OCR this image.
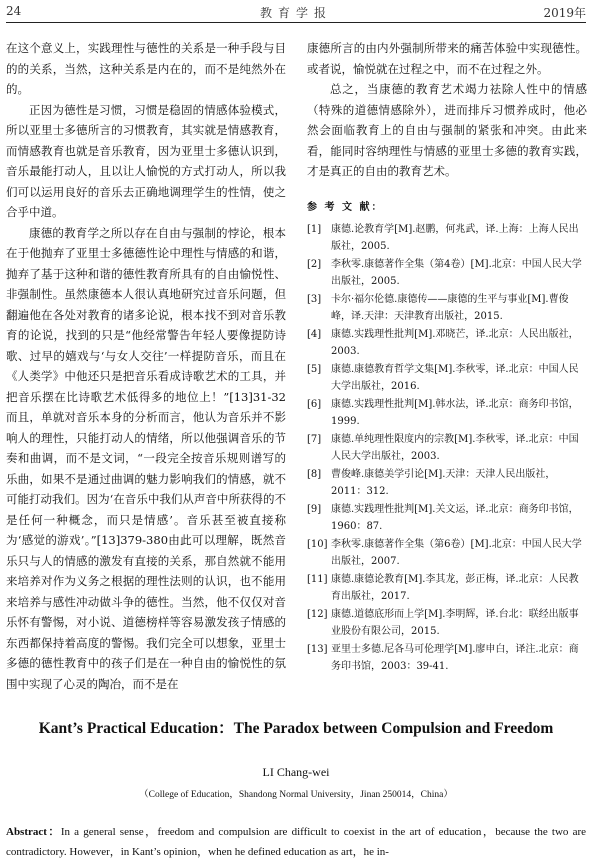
24	教育学报	2019年

在这个意义上，实践理性与德性的关系是一种手段与目的的关系，当然，这种关系是内在的，而不是纯然外在的。

正因为德性是习惯，习惯是稳固的情感体验模式，所以亚里士多德所言的习惯教育，其实就是情感教育，而情感教育也就是音乐教育，因为亚里士多德认识到，音乐最能打动人，且以让人愉悦的方式打动人，所以我们可以运用良好的音乐去正确地调理学生的性情，使之合乎中道。

康德的教育学之所以存在自由与强制的悖论，根本在于他抛弃了亚里士多德德性论中理性与情感的和谐，抛弃了基于这种和谐的德性教育所具有的自由愉悦性、非强制性。虽然康德本人很认真地研究过音乐问题，但翻遍他在各处对教育的诸多论说，根本找不到对音乐教育的论说，找到的只是“他经常警告年轻人要像提防诗歌、过早的嬉戏与‘与女人交往’一样提防音乐，而且在《人类学》中他还只是把音乐看成诗歌艺术的工具，并把音乐摆在比诗歌艺术低得多的地位上！”[13]31-32而且，单就对音乐本身的分析而言，他认为音乐并不影响人的理性，只能打动人的情绪，所以他强调音乐的节奏和曲调，而不是文词，“一段完全按音乐规则谱写的乐曲，如果不是通过曲调的魅力影响我们的情感，就不可能打动我们。因为‘在音乐中我们从声音中所获得的不是任何一种概念，而只是情感’。音乐甚至被直接称为‘感觉的游戏’。”[13]379-380由此可以理解，既然音乐只与人的情感的激发有直接的关系，那自然就不能用来培养对作为义务之根据的理性法则的认识，也不能用来培养与感性冲动做斗争的德性。当然，他不仅仅对音乐怀有警惕，对小说、道德榜样等容易激发孩子情感的东西都保持着高度的警惕。我们完全可以想象，亚里士多德的德性教育中的孩子们是在一种自由的愉悦性的氛围中实现了心灵的陶冶，而不是在

康德所言的由内外强制所带来的痛苦体验中实现德性。或者说，愉悦就在过程之中，而不在过程之外。

总之，当康德的教育艺术竭力祛除人性中的情感（特殊的道德情感除外），进而排斥习惯养成时，他必然会面临教育上的自由与强制的紧张和冲突。由此来看，能同时容纳理性与情感的亚里士多德的教育实践，才是真正的自由的教育艺术。

参 考 文 献：
[1] 康德.论教育学[M].赵鹏，何兆武，译.上海：上海人民出版社，2005.
[2] 李秋零.康德著作全集（第4卷）[M].北京：中国人民大学出版社，2005.
[3] 卡尔·福尔伦德.康德传——康德的生平与事业[M].曹俊峰，译.天津：天津教育出版社，2015.
[4] 康德.实践理性批判[M].邓晓芒，译.北京：人民出版社，2003.
[5] 康德.康德教育哲学文集[M].李秋零，译.北京：中国人民大学出版社，2016.
[6] 康德.实践理性批判[M].韩水法，译.北京：商务印书馆，1999.
[7] 康德.单纯理性限度内的宗教[M].李秋零，译.北京：中国人民大学出版社，2003.
[8] 曹俊峰.康德美学引论[M].天津：天津人民出版社，2011：312.
[9] 康德.实践理性批判[M].关文运，译.北京：商务印书馆，1960：87.
[10] 李秋零.康德著作全集（第6卷）[M].北京：中国人民大学出版社，2007.
[11] 康德.康德论教育[M].李其龙，彭正梅，译.北京：人民教育出版社，2017.
[12] 康德.道德底形而上学[M].李明辉，译.台北：联经出版事业股份有限公司，2015.
[13] 亚里士多德.尼各马可伦理学[M].廖申白，译注.北京：商务印书馆，2003：39-41.
Kant’s Practical Education：The Paradox between Compulsion and Freedom
LI Chang-wei
（College of Education，Shandong Normal University，Jinan 250014，China）
Abstract：In a general sense，freedom and compulsion are difficult to coexist in the art of education，because the two are contradictory. However，in Kant’s opinion，when he defined education as art，he in-
